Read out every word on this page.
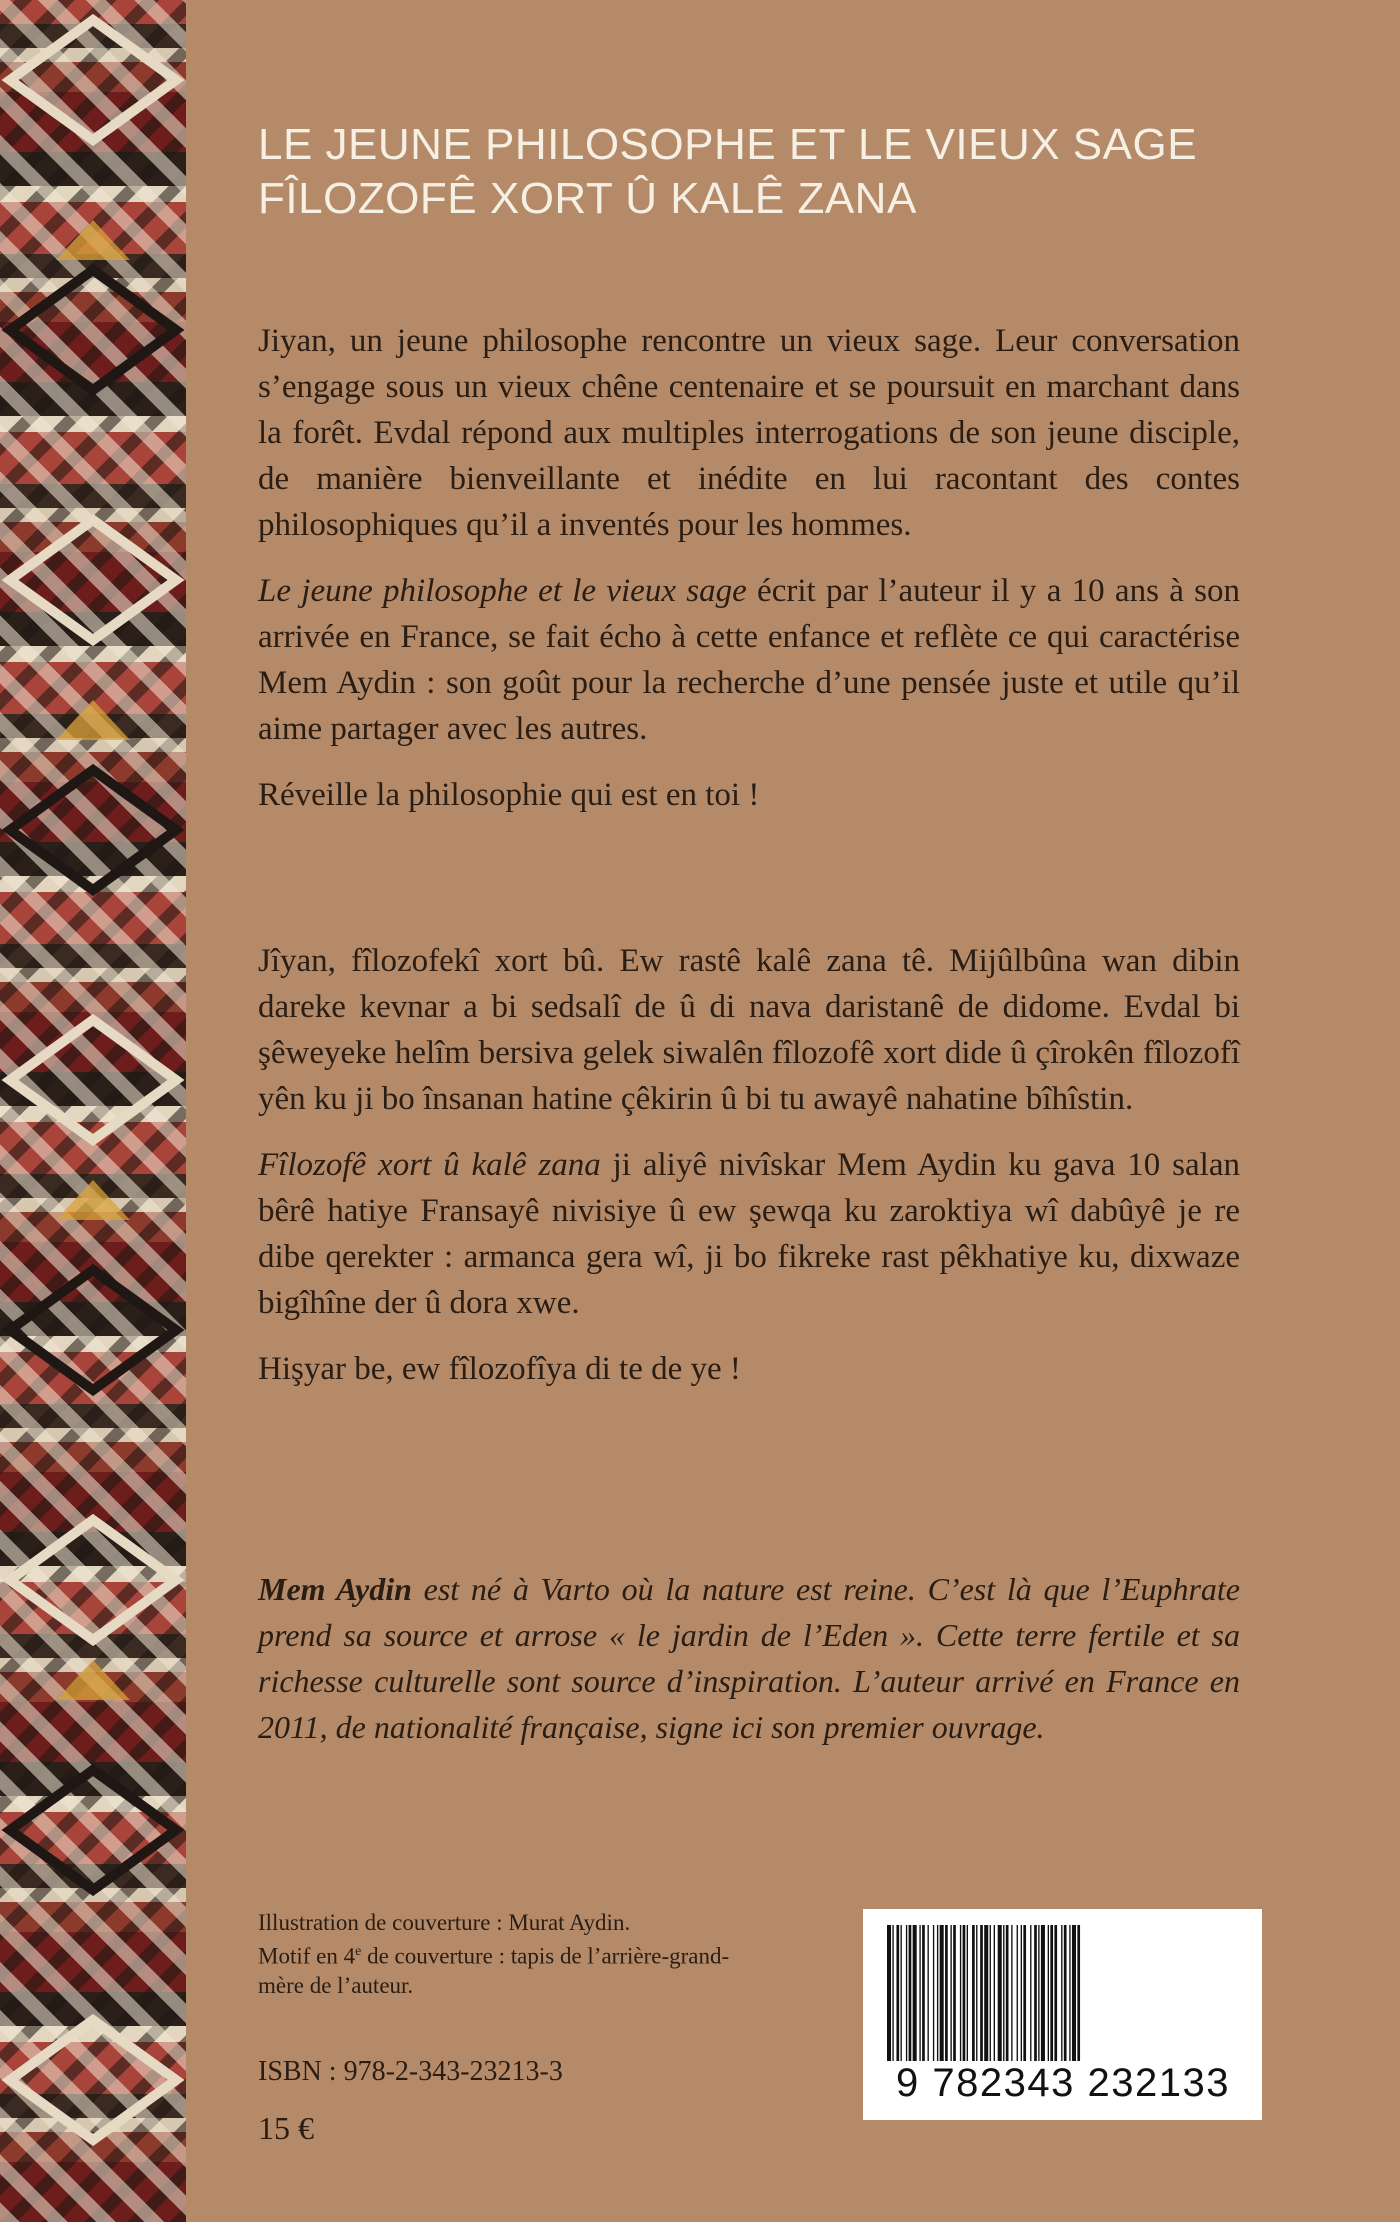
LE JEUNE PHILOSOPHE ET LE VIEUX SAGE
FÎLOZOFÊ XORT Û KALÊ ZANA

Jiyan, un jeune philosophe rencontre un vieux sage. Leur conversation s’engage sous un vieux chêne centenaire et se poursuit en marchant dans la forêt. Evdal répond aux multiples interrogations de son jeune disciple, de manière bienveillante et inédite en lui racontant des contes philosophiques qu’il a inventés pour les hommes.

Le jeune philosophe et le vieux sage écrit par l’auteur il y a 10 ans à son arrivée en France, se fait écho à cette enfance et reflète ce qui caractérise Mem Aydin : son goût pour la recherche d’une pensée juste et utile qu’il aime partager avec les autres.

Réveille la philosophie qui est en toi !

Jîyan, fîlozofekî xort bû. Ew rastê kalê zana tê. Mijûlbûna wan dibin dareke kevnar a bi sedsalî de û di nava daristanê de didome. Evdal bi şêweyeke helîm bersiva gelek siwalên fîlozofê xort dide û çîrokên fîlozofî yên ku ji bo însanan hatine çêkirin û bi tu awayê nahatine bîhîstin.

Fîlozofê xort û kalê zana ji aliyê nivîskar Mem Aydin ku gava 10 salan bêrê hatiye Fransayê nivisiye û ew şewqa ku zaroktiya wî dabûyê je re dibe qerekter : armanca gera wî, ji bo fikreke rast pêkhatiye ku, dixwaze bigîhîne der û dora xwe.

Hişyar be, ew fîlozofîya di te de ye !

Mem Aydin est né à Varto où la nature est reine. C’est là que l’Euphrate prend sa source et arrose « le jardin de l’Eden ». Cette terre fertile et sa richesse culturelle sont source d’inspiration. L’auteur arrivé en France en 2011, de nationalité française, signe ici son premier ouvrage.

Illustration de couverture : Murat Aydin.
Motif en 4e de couverture : tapis de l’arrière-grand-mère de l’auteur.
ISBN : 978-2-343-23213-3
15 €
9 782343 232133
